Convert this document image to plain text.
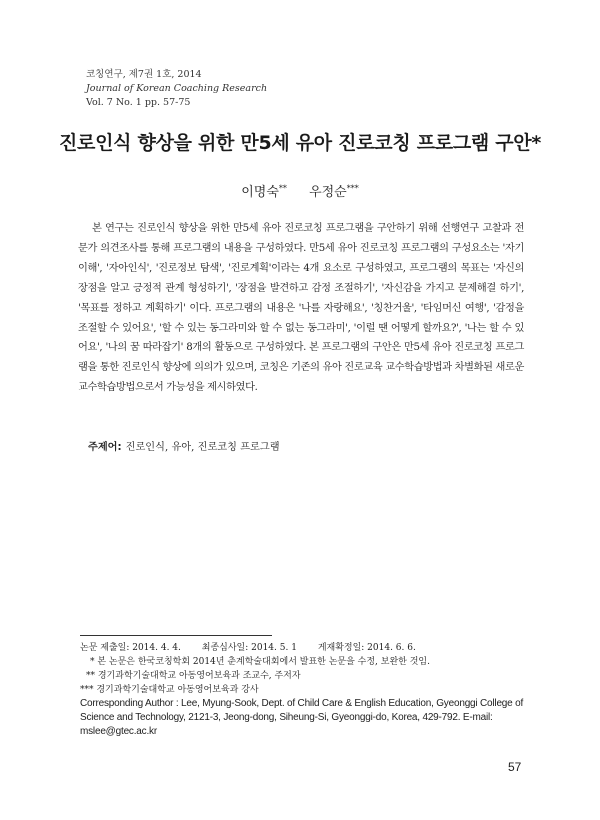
코칭연구, 제7권 1호, 2014
Journal of Korean Coaching Research
Vol. 7 No. 1 pp. 57-75
진로인식 향상을 위한 만5세 유아 진로코칭 프로그램 구안*
이명숙** 우정순***
본 연구는 진로인식 향상을 위한 만5세 유아 진로코칭 프로그램을 구안하기 위해 선행연구 고찰과 전문가 의견조사를 통해 프로그램의 내용을 구성하였다. 만5세 유아 진로코칭 프로그램의 구성요소는 '자기이해', '자아인식', '진로정보 탐색', '진로계획'이라는 4개 요소로 구성하였고, 프로그램의 목표는 '자신의 장점을 알고 긍정적 관계 형성하기', '장점을 발견하고 감정 조절하기', '자신감을 가지고 문제해결 하기', '목표를 정하고 계획하기' 이다. 프로그램의 내용은 '나를 자랑해요', '칭찬거울', '타임머신 여행', '감정을 조절할 수 있어요', '할 수 있는 동그라미와 할 수 없는 동그라미', '이럴 땐 어떻게 할까요?', '나는 할 수 있어요', '나의 꿈 따라잡기' 8개의 활동으로 구성하였다. 본 프로그램의 구안은 만5세 유아 진로코칭 프로그램을 통한 진로인식 향상에 의의가 있으며, 코칭은 기존의 유아 진로교육 교수학습방법과 차별화된 새로운 교수학습방법으로서 가능성을 제시하였다.
주제어: 진로인식, 유아, 진로코칭 프로그램
논문 제출일: 2014. 4. 4. 최종심사일: 2014. 5. 1 게재확정일: 2014. 6. 6.
* 본 논문은 한국코칭학회 2014년 춘계학술대회에서 발표한 논문을 수정, 보완한 것임.
** 경기과학기술대학교 아동영어보육과 조교수, 주저자
*** 경기과학기술대학교 아동영어보육과 강사
Corresponding Author : Lee, Myung-Sook, Dept. of Child Care & English Education, Gyeonggi College of Science and Technology, 2121-3, Jeong-dong, Siheung-Si, Gyeonggi-do, Korea, 429-792. E-mail: mslee@gtec.ac.kr
57
